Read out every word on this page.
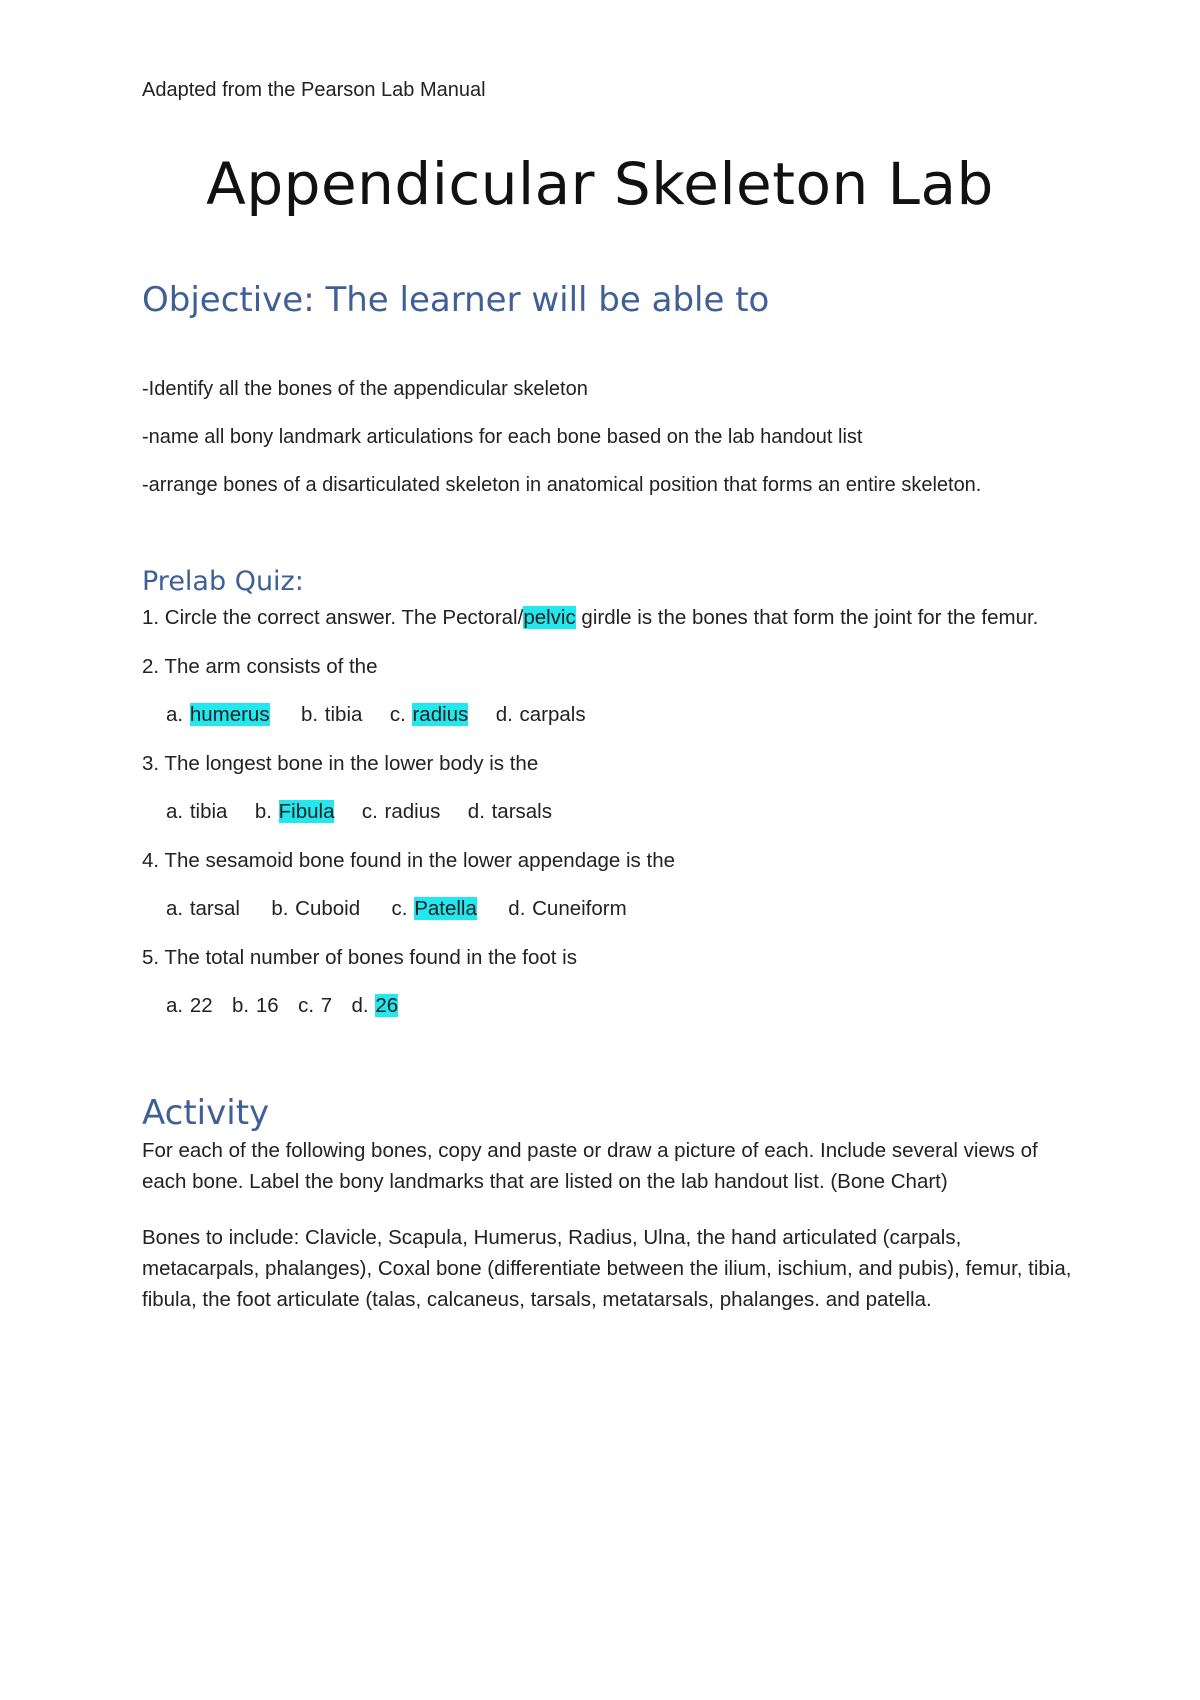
Adapted from the Pearson Lab Manual
Appendicular Skeleton Lab
Objective: The learner will be able to
-Identify all the bones of the appendicular skeleton
-name all bony landmark articulations for each bone based on the lab handout list
-arrange bones of a disarticulated skeleton in anatomical position that forms an entire skeleton.
Prelab Quiz:
1. Circle the correct answer. The Pectoral/pelvic girdle is the bones that form the joint for the femur.
2. The arm consists of the
a. humerus b. tibia c. radius d. carpals
3. The longest bone in the lower body is the
a. tibia b. Fibula c. radius d. tarsals
4. The sesamoid bone found in the lower appendage is the
a. tarsal b. Cuboid c. Patella d. Cuneiform
5. The total number of bones found in the foot is
a. 22 b. 16 c. 7 d. 26
Activity
For each of the following bones, copy and paste or draw a picture of each. Include several views of each bone. Label the bony landmarks that are listed on the lab handout list. (Bone Chart)
Bones to include: Clavicle, Scapula, Humerus, Radius, Ulna, the hand articulated (carpals, metacarpals, phalanges), Coxal bone (differentiate between the ilium, ischium, and pubis), femur, tibia, fibula, the foot articulate (talas, calcaneus, tarsals, metatarsals, phalanges. and patella.
